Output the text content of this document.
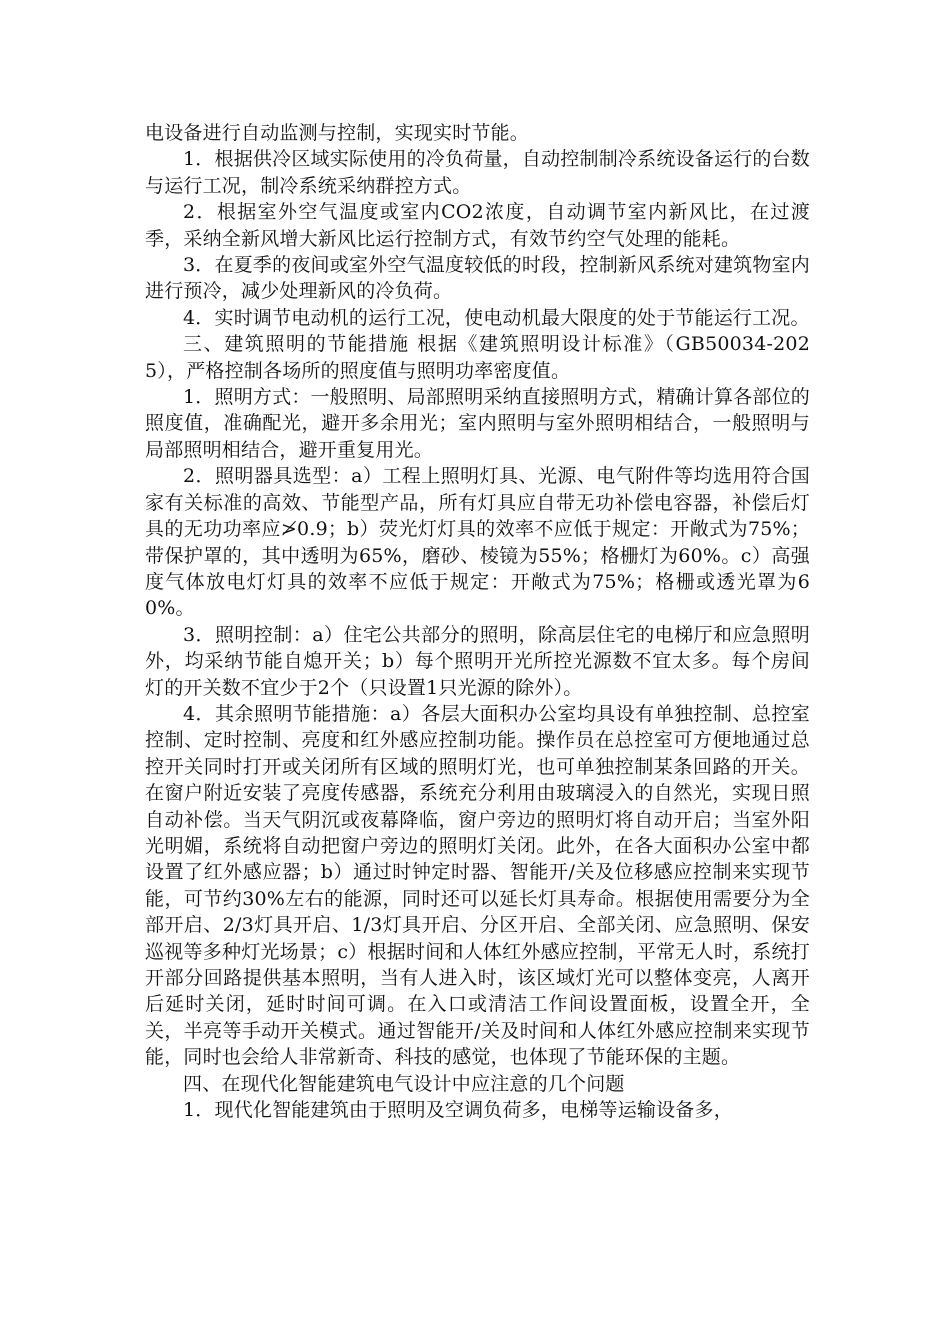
电设备进行自动监测与控制，实现实时节能。

1．根据供冷区域实际使用的冷负荷量，自动控制制冷系统设备运行的台数与运行工况，制冷系统采纳群控方式。

2．根据室外空气温度或室内CO2浓度，自动调节室内新风比，在过渡季，采纳全新风增大新风比运行控制方式，有效节约空气处理的能耗。

3．在夏季的夜间或室外空气温度较低的时段，控制新风系统对建筑物室内进行预冷，减少处理新风的冷负荷。

4．实时调节电动机的运行工况，使电动机最大限度的处于节能运行工况。

三、建筑照明的节能措施 根据《建筑照明设计标准》（GB50034-2025），严格控制各场所的照度值与照明功率密度值。

1．照明方式：一般照明、局部照明采纳直接照明方式，精确计算各部位的照度值，准确配光，避开多余用光；室内照明与室外照明相结合，一般照明与局部照明相结合，避开重复用光。

2．照明器具选型：a）工程上照明灯具、光源、电气附件等均选用符合国家有关标准的高效、节能型产品，所有灯具应自带无功补偿电容器，补偿后灯具的无功功率应≯0.9；b）荧光灯灯具的效率不应低于规定：开敞式为75%；带保护罩的，其中透明为65%，磨砂、棱镜为55%；格栅灯为60%。c）高强度气体放电灯灯具的效率不应低于规定：开敞式为75%；格栅或透光罩为60%。

3．照明控制：a）住宅公共部分的照明，除高层住宅的电梯厅和应急照明外，均采纳节能自熄开关；b）每个照明开光所控光源数不宜太多。每个房间灯的开关数不宜少于2个（只设置1只光源的除外）。

4．其余照明节能措施：a）各层大面积办公室均具设有单独控制、总控室控制、定时控制、亮度和红外感应控制功能。操作员在总控室可方便地通过总控开关同时打开或关闭所有区域的照明灯光，也可单独控制某条回路的开关。在窗户附近安装了亮度传感器，系统充分利用由玻璃浸入的自然光，实现日照自动补偿。当天气阴沉或夜幕降临，窗户旁边的照明灯将自动开启；当室外阳光明媚，系统将自动把窗户旁边的照明灯关闭。此外，在各大面积办公室中都设置了红外感应器；b）通过时钟定时器、智能开/关及位移感应控制来实现节能，可节约30%左右的能源，同时还可以延长灯具寿命。根据使用需要分为全部开启、2/3灯具开启、1/3灯具开启、分区开启、全部关闭、应急照明、保安巡视等多种灯光场景；c）根据时间和人体红外感应控制，平常无人时，系统打开部分回路提供基本照明，当有人进入时，该区域灯光可以整体变亮，人离开后延时关闭，延时时间可调。在入口或清洁工作间设置面板，设置全开，全关，半亮等手动开关模式。通过智能开/关及时间和人体红外感应控制来实现节能，同时也会给人非常新奇、科技的感觉，也体现了节能环保的主题。

四、在现代化智能建筑电气设计中应注意的几个问题

1．现代化智能建筑由于照明及空调负荷多，电梯等运输设备多，
